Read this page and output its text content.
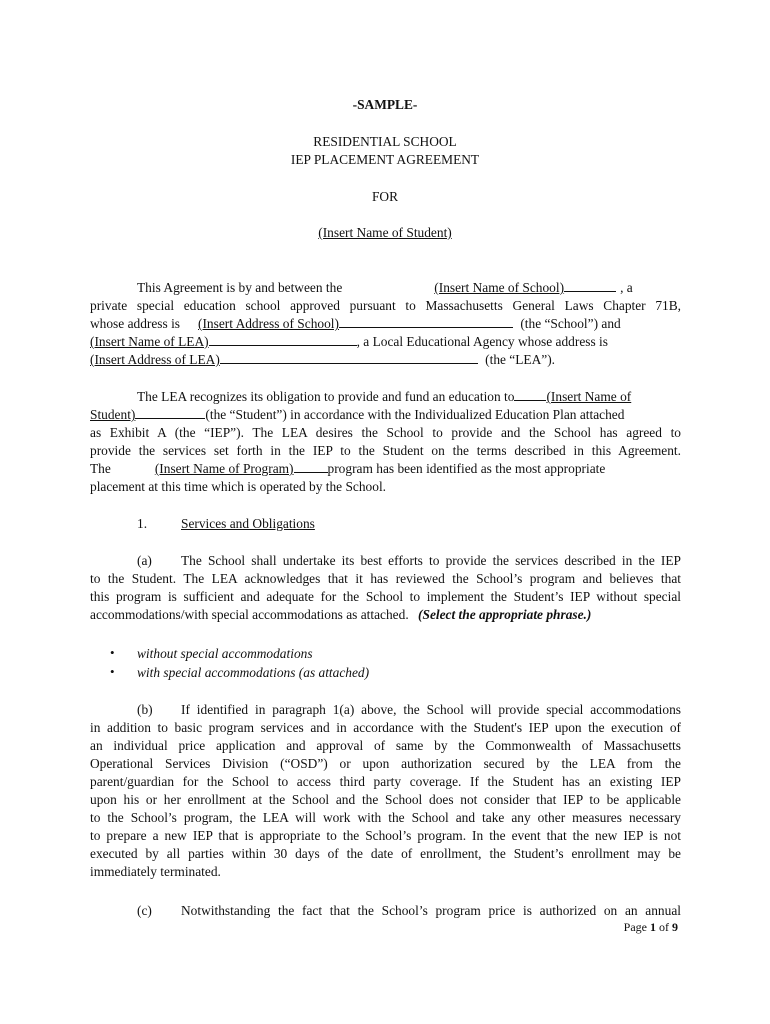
-SAMPLE-
RESIDENTIAL SCHOOL
IEP PLACEMENT AGREEMENT
FOR
(Insert Name of Student)
This Agreement is by and between the	(Insert Name of School)	, a
private special education school approved pursuant to Massachusetts General Laws Chapter 71B,
whose address is (Insert Address of School)	(the “School”) and
(Insert Name of LEA)	, a Local Educational Agency whose address is
(Insert Address of LEA)	(the “LEA”).
The LEA recognizes its obligation to provide and fund an education to (Insert Name of
Student)	(the “Student”) in accordance with the Individualized Education Plan attached
as Exhibit A (the “IEP”). The LEA desires the School to provide and the School has agreed to
provide the services set forth in the IEP to the Student on the terms described in this Agreement.
The	(Insert Name of Program)	program has been identified as the most appropriate
placement at this time which is operated by the School.
1.	Services and Obligations
(a) The School shall undertake its best efforts to provide the services described in the IEP
to the Student. The LEA acknowledges that it has reviewed the School’s program and believes that
this program is sufficient and adequate for the School to implement the Student’s IEP without special
accommodations/with special accommodations as attached. (Select the appropriate phrase.)
• without special accommodations
• with special accommodations (as attached)
(b) If identified in paragraph 1(a) above, the School will provide special accommodations
in addition to basic program services and in accordance with the Student's IEP upon the execution of
an individual price application and approval of same by the Commonwealth of Massachusetts
Operational Services Division (“OSD”) or upon authorization secured by the LEA from the
parent/guardian for the School to access third party coverage. If the Student has an existing IEP
upon his or her enrollment at the School and the School does not consider that IEP to be applicable
to the School’s program, the LEA will work with the School and take any other measures necessary
to prepare a new IEP that is appropriate to the School’s program. In the event that the new IEP is not
executed by all parties within 30 days of the date of enrollment, the Student’s enrollment may be
immediately terminated.
(c) Notwithstanding the fact that the School’s program price is authorized on an annual
Page 1 of 9
